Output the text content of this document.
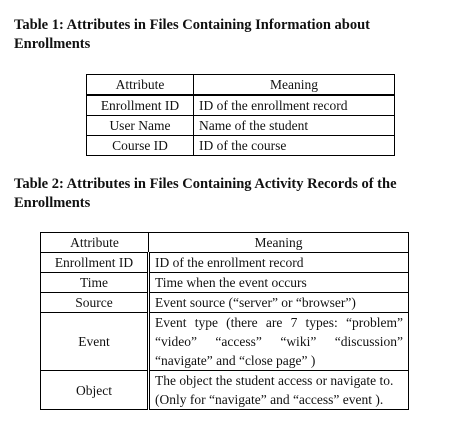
Table 1: Attributes in Files Containing Information about Enrollments
Attribute	Meaning
Enrollment ID	ID of the enrollment record
User Name	Name of the student
Course ID	ID of the course
Table 2: Attributes in Files Containing Activity Records of the Enrollments
Attribute	Meaning
Enrollment ID	ID of the enrollment record
Time	Time when the event occurs
Source	Event source (“server” or “browser”)
Event	Event type (there are 7 types: “problem” “video” “access” “wiki” “discussion” “navigate” and “close page” )
Object	The object the student access or navigate to.(Only for “navigate” and “access” event ).
